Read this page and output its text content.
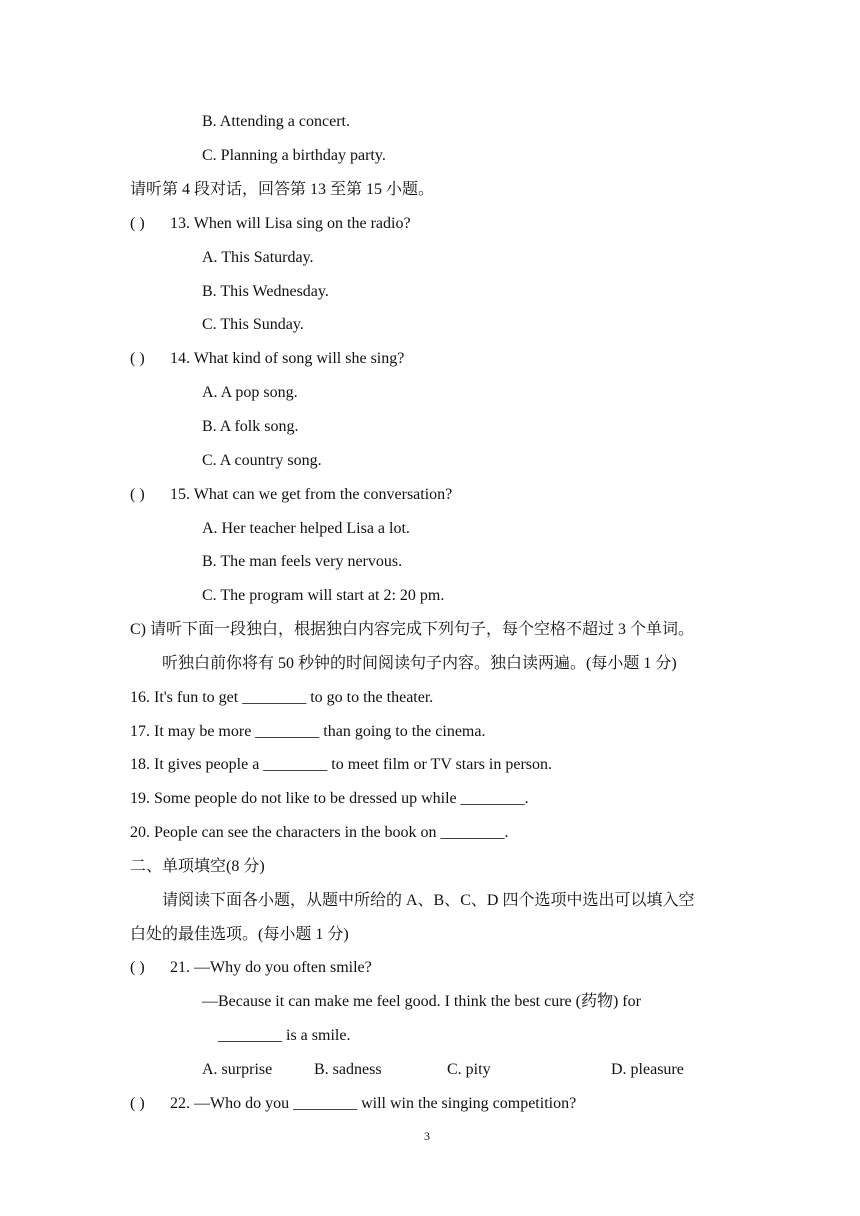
B. Attending a concert.
C. Planning a birthday party.
请听第 4 段对话，回答第 13 至第 15 小题。
( ) 13. When will Lisa sing on the radio?
A. This Saturday.
B. This Wednesday.
C. This Sunday.
( ) 14. What kind of song will she sing?
A. A pop song.
B. A folk song.
C. A country song.
( ) 15. What can we get from the conversation?
A. Her teacher helped Lisa a lot.
B. The man feels very nervous.
C. The program will start at 2: 20 pm.
C) 请听下面一段独白，根据独白内容完成下列句子，每个空格不超过 3 个单词。
听独白前你将有 50 秒钟的时间阅读句子内容。独白读两遍。(每小题 1 分)
16. It's fun to get ________ to go to the theater.
17. It may be more ________ than going to the cinema.
18. It gives people a ________ to meet film or TV stars in person.
19. Some people do not like to be dressed up while ________.
20. People can see the characters in the book on ________.
二、单项填空(8 分)
请阅读下面各小题，从题中所给的 A、B、C、D 四个选项中选出可以填入空
白处的最佳选项。(每小题 1 分)
( ) 21. —Why do you often smile?
—Because it can make me feel good. I think the best cure (药物) for
________ is a smile.
A. surprise	B. sadness	C. pity	D. pleasure
( ) 22. —Who do you ________ will win the singing competition?
3
